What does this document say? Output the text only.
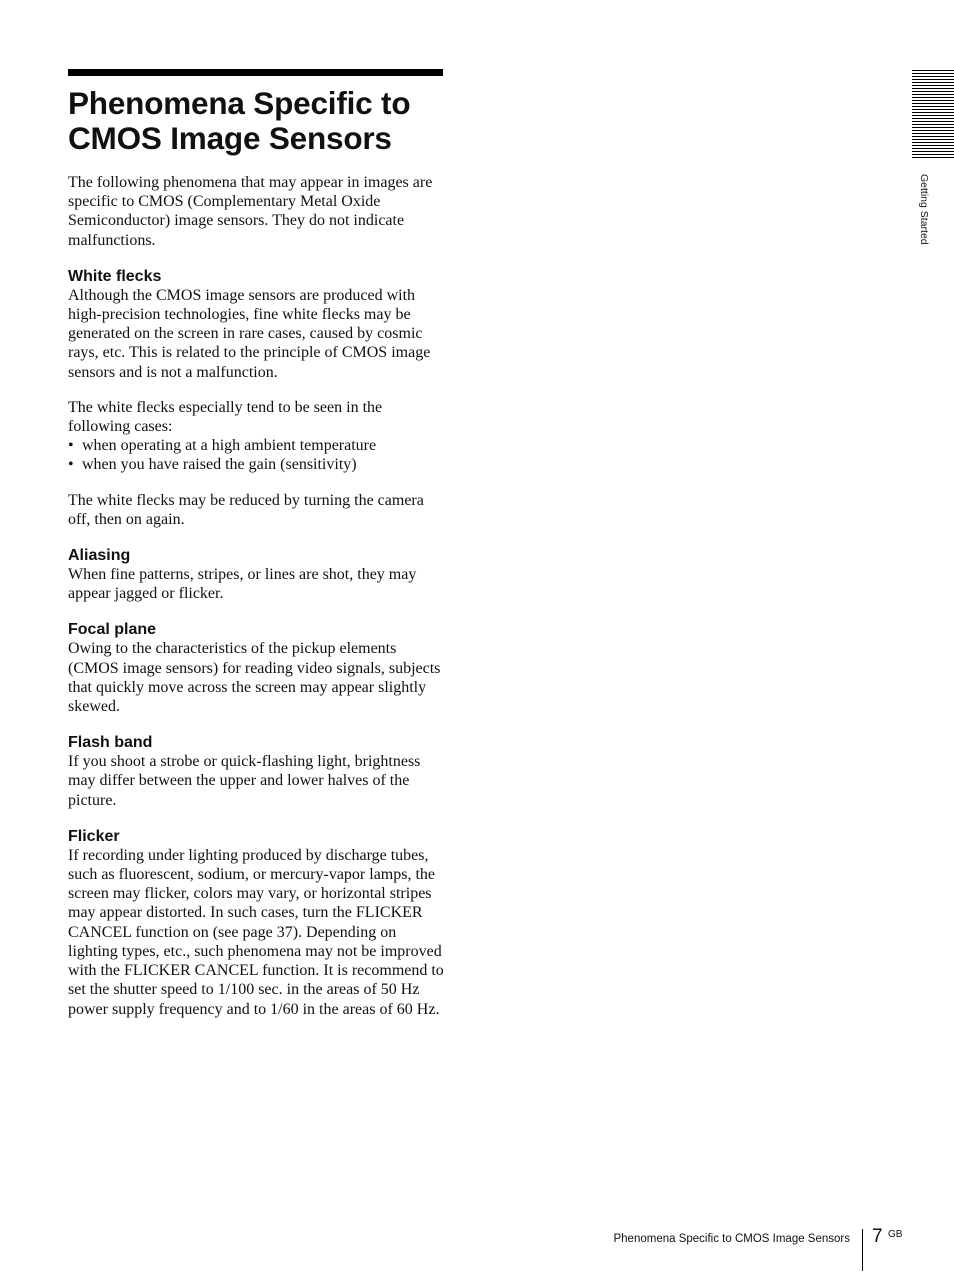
Phenomena Specific to
CMOS Image Sensors

The following phenomena that may appear in images are specific to CMOS (Complementary Metal Oxide Semiconductor) image sensors. They do not indicate malfunctions.

White flecks

Although the CMOS image sensors are produced with high-precision technologies, fine white flecks may be generated on the screen in rare cases, caused by cosmic rays, etc. This is related to the principle of CMOS image sensors and is not a malfunction.

The white flecks especially tend to be seen in the following cases:

• when operating at a high ambient temperature
• when you have raised the gain (sensitivity)

The white flecks may be reduced by turning the camera off, then on again.

Aliasing

When fine patterns, stripes, or lines are shot, they may appear jagged or flicker.

Focal plane

Owing to the characteristics of the pickup elements (CMOS image sensors) for reading video signals, subjects that quickly move across the screen may appear slightly skewed.

Flash band

If you shoot a strobe or quick-flashing light, brightness may differ between the upper and lower halves of the picture.

Flicker

If recording under lighting produced by discharge tubes, such as fluorescent, sodium, or mercury-vapor lamps, the screen may flicker, colors may vary, or horizontal stripes may appear distorted. In such cases, turn the FLICKER CANCEL function on (see page 37). Depending on lighting types, etc., such phenomena may not be improved with the FLICKER CANCEL function. It is recommend to set the shutter speed to 1/100 sec. in the areas of 50 Hz power supply frequency and to 1/60 in the areas of 60 Hz.

Getting Started
Phenomena Specific to CMOS Image Sensors 7 GB
